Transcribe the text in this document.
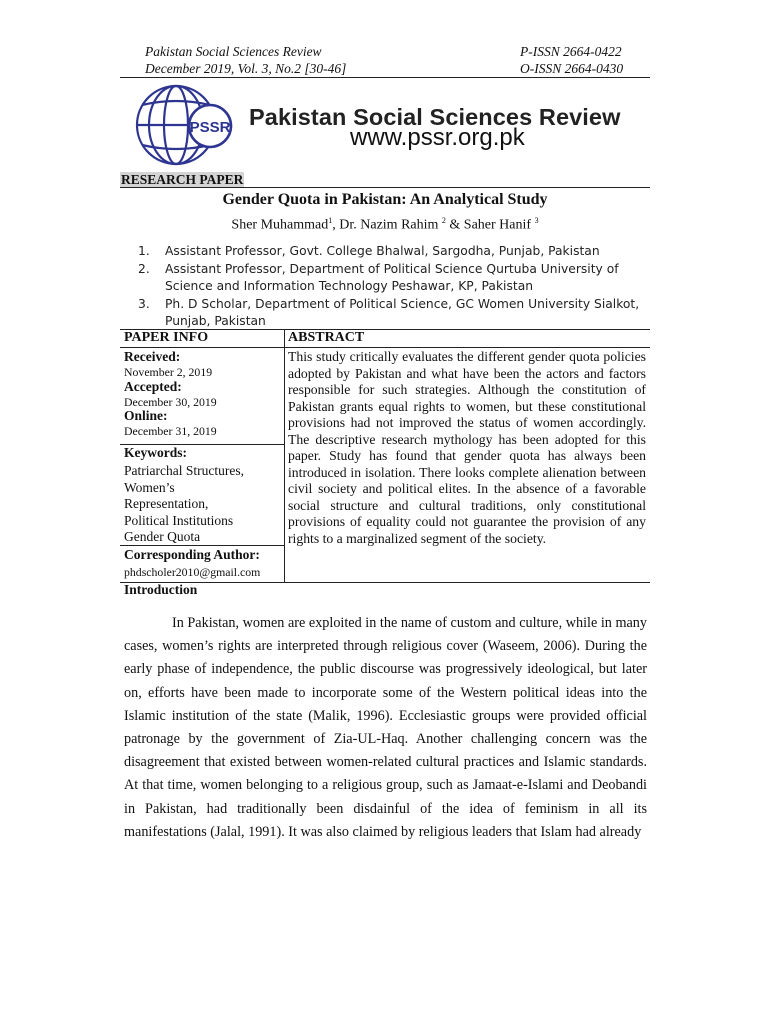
Pakistan Social Sciences Review	P-ISSN 2664-0422
December 2019, Vol. 3, No.2 [30-46]	O-ISSN 2664-0430
PSSR Pakistan Social Sciences Review
www.pssr.org.pk
RESEARCH PAPER
Gender Quota in Pakistan: An Analytical Study
Sher Muhammad$^1$, Dr. Nazim Rahim $^2$ & Saher Hanif $^3$
1. Assistant Professor, Govt. College Bhalwal, Sargodha, Punjab, Pakistan
2. Assistant Professor, Department of Political Science Qurtuba University of Science and Information Technology Peshawar, KP, Pakistan
3. Ph. D Scholar, Department of Political Science, GC Women University Sialkot, Punjab, Pakistan
PAPER INFO	ABSTRACT
Received:
November 2, 2019
Accepted:
December 30, 2019
Online:
December 31, 2019
Keywords:
Patriarchal Structures,
Women’s
Representation,
Political Institutions
Gender Quota
Corresponding Author:
phdscholer2010@gmail.com
This study critically evaluates the different gender quota policies adopted by Pakistan and what have been the actors and factors responsible for such strategies. Although the constitution of Pakistan grants equal rights to women, but these constitutional provisions had not improved the status of women accordingly. The descriptive research mythology has been adopted for this paper. Study has found that gender quota has always been introduced in isolation. There looks complete alienation between civil society and political elites. In the absence of a favorable social structure and cultural traditions, only constitutional provisions of equality could not guarantee the provision of any rights to a marginalized segment of the society.
Introduction
In Pakistan, women are exploited in the name of custom and culture, while in many cases, women’s rights are interpreted through religious cover (Waseem, 2006). During the early phase of independence, the public discourse was progressively ideological, but later on, efforts have been made to incorporate some of the Western political ideas into the Islamic institution of the state (Malik, 1996). Ecclesiastic groups were provided official patronage by the government of Zia-UL-Haq. Another challenging concern was the disagreement that existed between women-related cultural practices and Islamic standards. At that time, women belonging to a religious group, such as Jamaat-e-Islami and Deobandi in Pakistan, had traditionally been disdainful of the idea of feminism in all its manifestations (Jalal, 1991). It was also claimed by religious leaders that Islam had already
